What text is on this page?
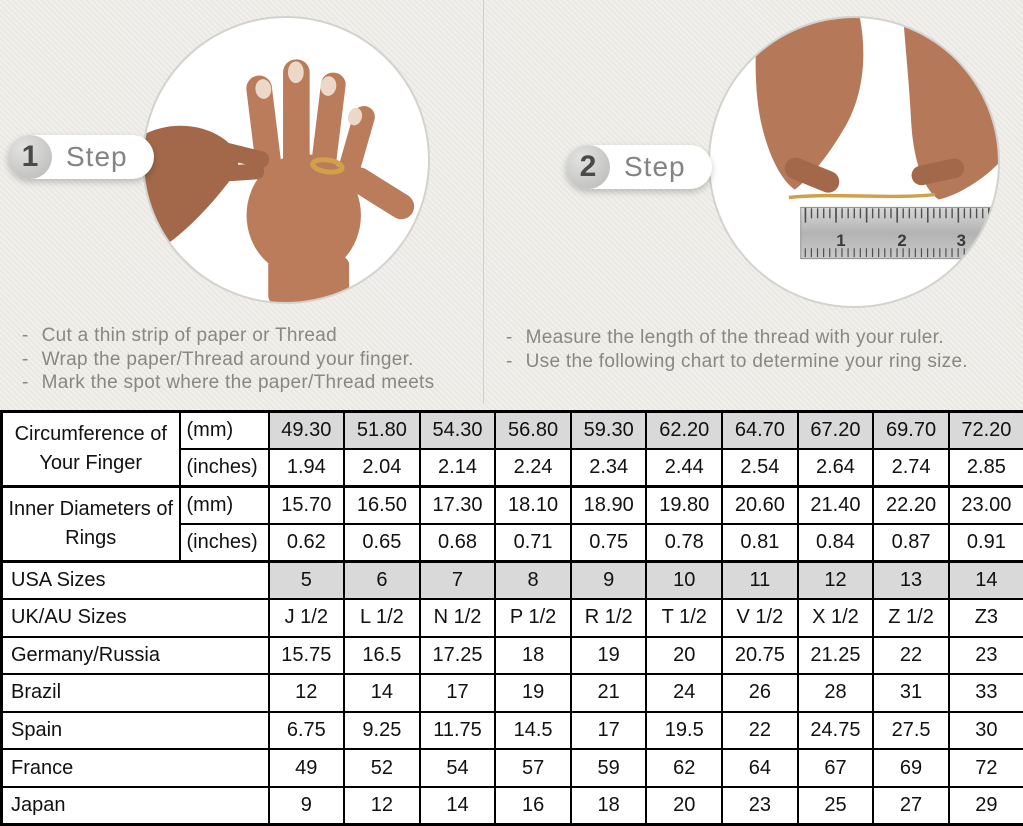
1	2	3
1 Step	2 Step
- Cut a thin strip of paper or Thread
- Wrap the paper/Thread around your finger.
- Mark the spot where the paper/Thread meets
- Measure the length of the thread with your ruler.
- Use the following chart to determine your ring size.
Circumference of Your Finger	(mm)	49.30	51.80	54.30	56.80	59.30	62.20	64.70	67.20	69.70	72.20
	(inches)	1.94	2.04	2.14	2.24	2.34	2.44	2.54	2.64	2.74	2.85
Inner Diameters of Rings	(mm)	15.70	16.50	17.30	18.10	18.90	19.80	20.60	21.40	22.20	23.00
	(inches)	0.62	0.65	0.68	0.71	0.75	0.78	0.81	0.84	0.87	0.91
USA Sizes		5	6	7	8	9	10	11	12	13	14
UK/AU Sizes		J 1/2	L 1/2	N 1/2	P 1/2	R 1/2	T 1/2	V 1/2	X 1/2	Z 1/2	Z3
Germany/Russia		15.75	16.5	17.25	18	19	20	20.75	21.25	22	23
Brazil		12	14	17	19	21	24	26	28	31	33
Spain		6.75	9.25	11.75	14.5	17	19.5	22	24.75	27.5	30
France		49	52	54	57	59	62	64	67	69	72
Japan		9	12	14	16	18	20	23	25	27	29
